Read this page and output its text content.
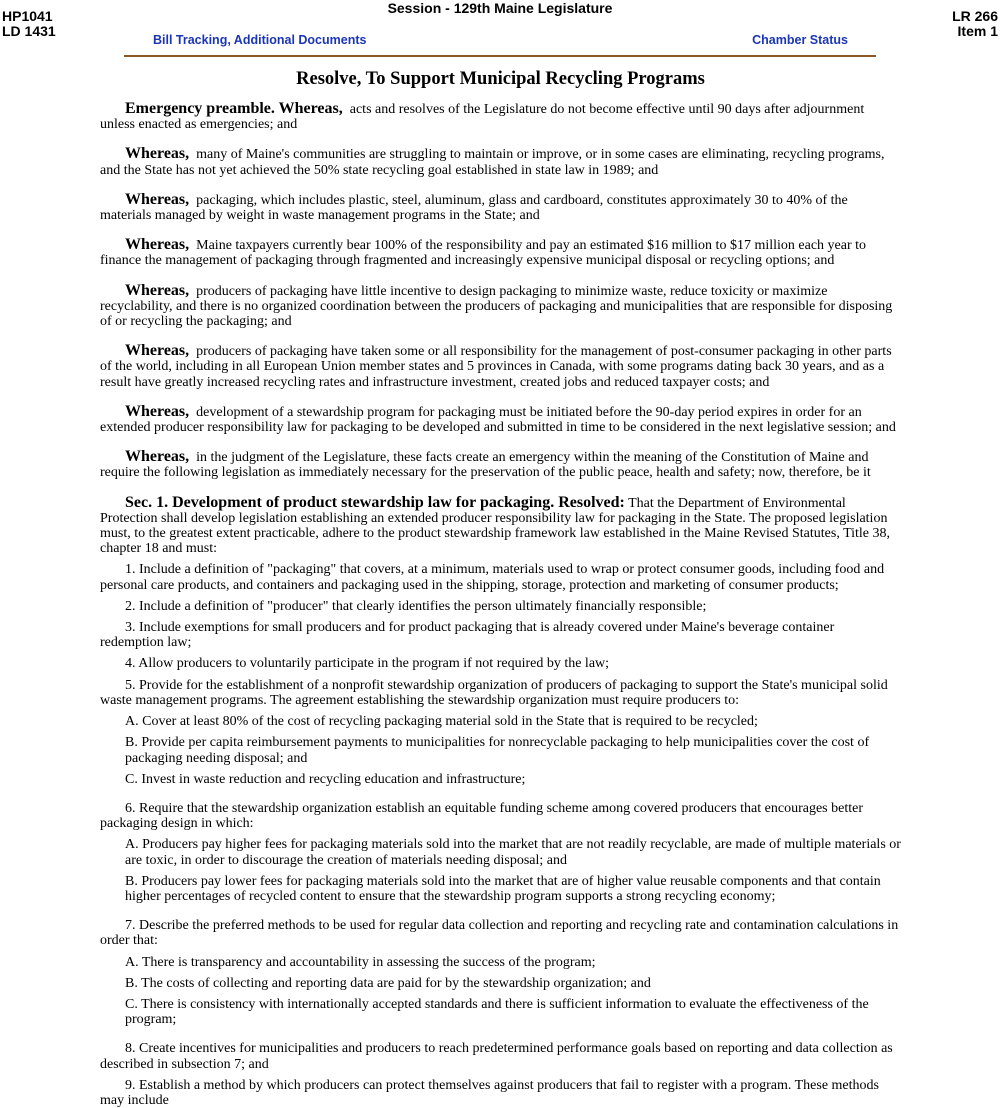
HP1041
LD 1431
Session - 129th Maine Legislature	LR 266
Item 1
Bill Tracking, Additional Documents	Chamber Status
Resolve, To Support Municipal Recycling Programs

Emergency preamble. Whereas, acts and resolves of the Legislature do not become effective until 90 days after adjournment unless enacted as emergencies; and

Whereas, many of Maine's communities are struggling to maintain or improve, or in some cases are eliminating, recycling programs, and the State has not yet achieved the 50% state recycling goal established in state law in 1989; and

Whereas, packaging, which includes plastic, steel, aluminum, glass and cardboard, constitutes approximately 30 to 40% of the materials managed by weight in waste management programs in the State; and

Whereas, Maine taxpayers currently bear 100% of the responsibility and pay an estimated $16 million to $17 million each year to finance the management of packaging through fragmented and increasingly expensive municipal disposal or recycling options; and

Whereas, producers of packaging have little incentive to design packaging to minimize waste, reduce toxicity or maximize recyclability, and there is no organized coordination between the producers of packaging and municipalities that are responsible for disposing of or recycling the packaging; and

Whereas, producers of packaging have taken some or all responsibility for the management of post-consumer packaging in other parts of the world, including in all European Union member states and 5 provinces in Canada, with some programs dating back 30 years, and as a result have greatly increased recycling rates and infrastructure investment, created jobs and reduced taxpayer costs; and

Whereas, development of a stewardship program for packaging must be initiated before the 90-day period expires in order for an extended producer responsibility law for packaging to be developed and submitted in time to be considered in the next legislative session; and

Whereas, in the judgment of the Legislature, these facts create an emergency within the meaning of the Constitution of Maine and require the following legislation as immediately necessary for the preservation of the public peace, health and safety; now, therefore, be it

Sec. 1. Development of product stewardship law for packaging. Resolved: That the Department of Environmental Protection shall develop legislation establishing an extended producer responsibility law for packaging in the State. The proposed legislation must, to the greatest extent practicable, adhere to the product stewardship framework law established in the Maine Revised Statutes, Title 38, chapter 18 and must:

1. Include a definition of "packaging" that covers, at a minimum, materials used to wrap or protect consumer goods, including food and personal care products, and containers and packaging used in the shipping, storage, protection and marketing of consumer products;

2. Include a definition of "producer" that clearly identifies the person ultimately financially responsible;

3. Include exemptions for small producers and for product packaging that is already covered under Maine's beverage container redemption law;

4. Allow producers to voluntarily participate in the program if not required by the law;

5. Provide for the establishment of a nonprofit stewardship organization of producers of packaging to support the State's municipal solid waste management programs. The agreement establishing the stewardship organization must require producers to:

A. Cover at least 80% of the cost of recycling packaging material sold in the State that is required to be recycled;

B. Provide per capita reimbursement payments to municipalities for nonrecyclable packaging to help municipalities cover the cost of packaging needing disposal; and

C. Invest in waste reduction and recycling education and infrastructure;

6. Require that the stewardship organization establish an equitable funding scheme among covered producers that encourages better packaging design in which:

A. Producers pay higher fees for packaging materials sold into the market that are not readily recyclable, are made of multiple materials or are toxic, in order to discourage the creation of materials needing disposal; and

B. Producers pay lower fees for packaging materials sold into the market that are of higher value reusable components and that contain higher percentages of recycled content to ensure that the stewardship program supports a strong recycling economy;

7. Describe the preferred methods to be used for regular data collection and reporting and recycling rate and contamination calculations in order that:

A. There is transparency and accountability in assessing the success of the program;

B. The costs of collecting and reporting data are paid for by the stewardship organization; and

C. There is consistency with internationally accepted standards and there is sufficient information to evaluate the effectiveness of the program;

8. Create incentives for municipalities and producers to reach predetermined performance goals based on reporting and data collection as described in subsection 7; and

9. Establish a method by which producers can protect themselves against producers that fail to register with a program. These methods may include
